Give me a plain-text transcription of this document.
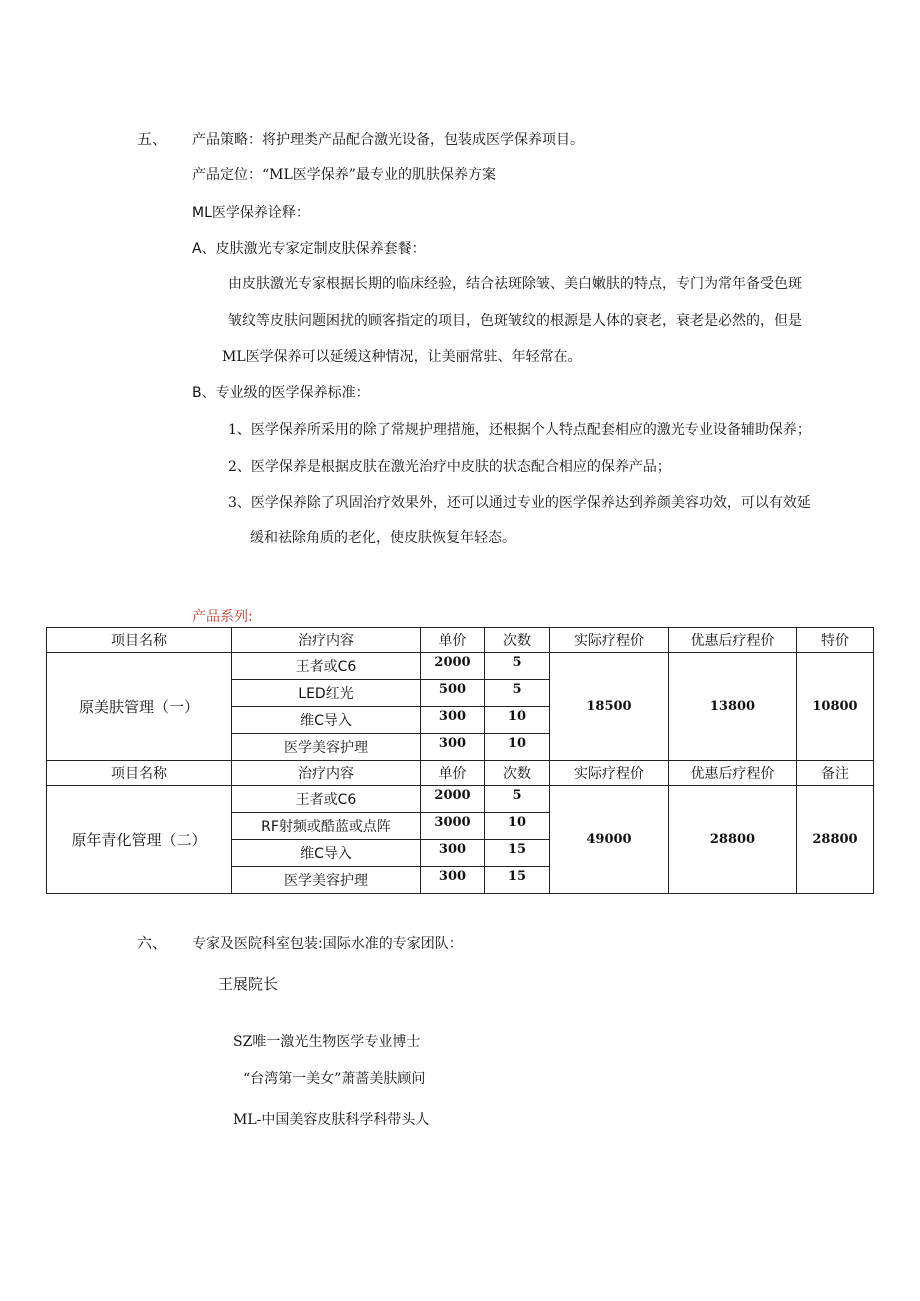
五、 产品策略：将护理类产品配合激光设备，包装成医学保养项目。
产品定位：“ML医学保养”最专业的肌肤保养方案
ML医学保养诠释：
A、皮肤激光专家定制皮肤保养套餐：
由皮肤激光专家根据长期的临床经验，结合祛斑除皱、美白嫩肤的特点，专门为常年备受色斑
皱纹等皮肤问题困扰的顾客指定的项目，色斑皱纹的根源是人体的衰老，衰老是必然的，但是
ML医学保养可以延缓这种情况，让美丽常驻、年轻常在。
B、专业级的医学保养标准：
1、医学保养所采用的除了常规护理措施，还根据个人特点配套相应的激光专业设备辅助保养；
2、医学保养是根据皮肤在激光治疗中皮肤的状态配合相应的保养产品；
3、医学保养除了巩固治疗效果外，还可以通过专业的医学保养达到养颜美容功效，可以有效延
缓和祛除角质的老化，使皮肤恢复年轻态。
产品系列:
项目名称	治疗内容	单价	次数	实际疗程价	优惠后疗程价	特价
原美肤管理（一）	王者或C6	2000	5	18500	13800	10800
	LED红光	500	5			
	维C导入	300	10			
	医学美容护理	300	10			
项目名称	治疗内容	单价	次数	实际疗程价	优惠后疗程价	备注
原年青化管理（二）	王者或C6	2000	5	49000	28800	28800
	RF射频或酷蓝或点阵	3000	10			
	维C导入	300	15			
	医学美容护理	300	15			
六、 专家及医院科室包装:国际水准的专家团队：
王展院长
SZ唯一激光生物医学专业博士
“台湾第一美女”萧蔷美肤顾问
ML-中国美容皮肤科学科带头人
